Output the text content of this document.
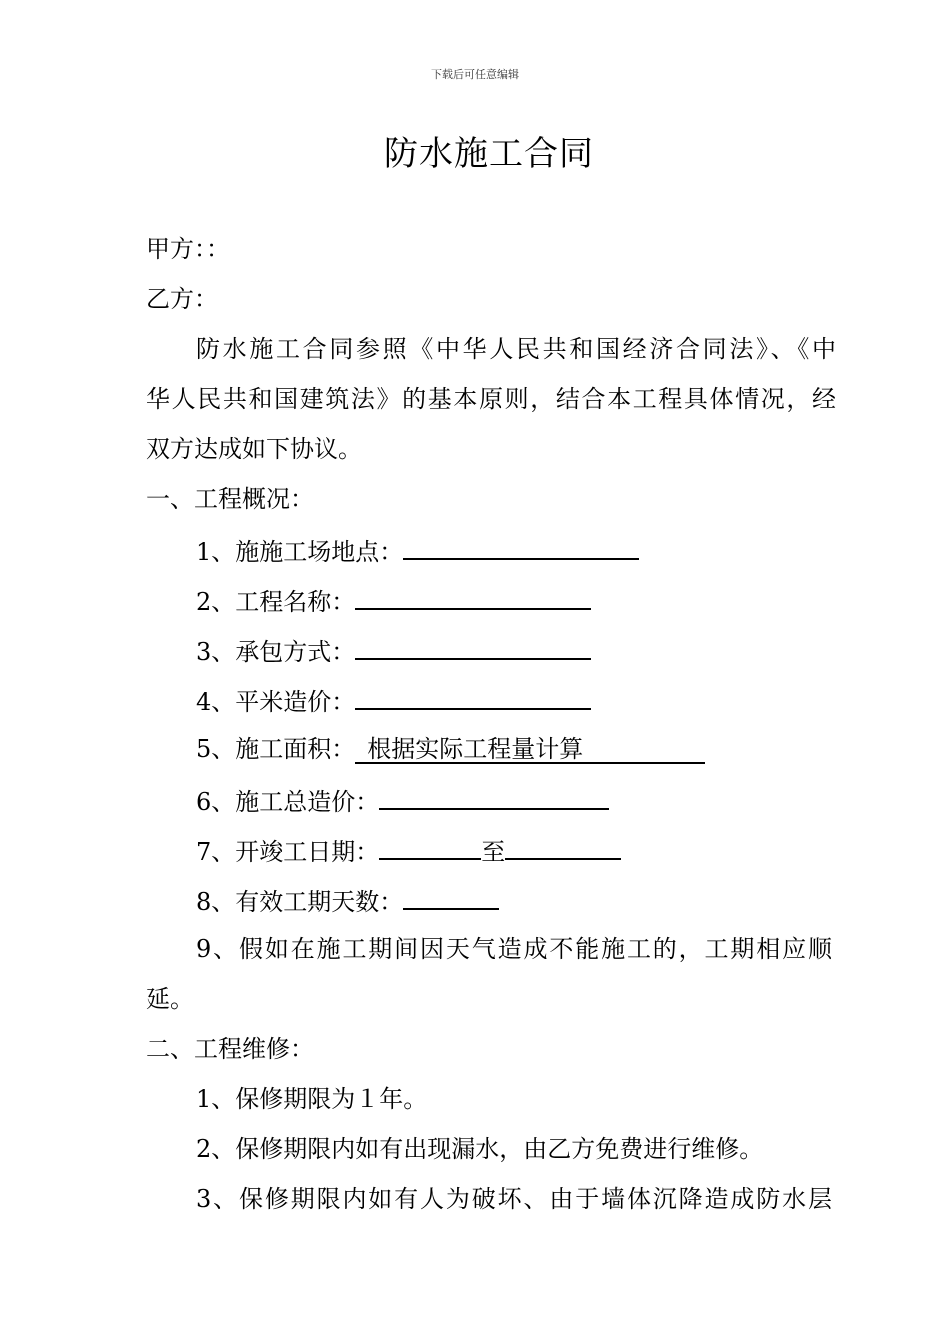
下载后可任意编辑
防水施工合同
甲方：：
乙方：
防水施工合同参照《中华人民共和国经济合同法》、《中
华人民共和国建筑法》的基本原则，结合本工程具体情况，经
双方达成如下协议。
一、工程概况：
1、施施工场地点：
2、工程名称：
3、承包方式：
4、平米造价：
5、施工面积： 根据实际工程量计算
6、施工总造价：
7、开竣工日期：	至
8、有效工期天数：
9、假如在施工期间因天气造成不能施工的，工期相应顺
延。
二、工程维修：
1、保修期限为１年。
2、保修期限内如有出现漏水，由乙方免费进行维修。
3、保修期限内如有人为破坏、由于墙体沉降造成防水层
